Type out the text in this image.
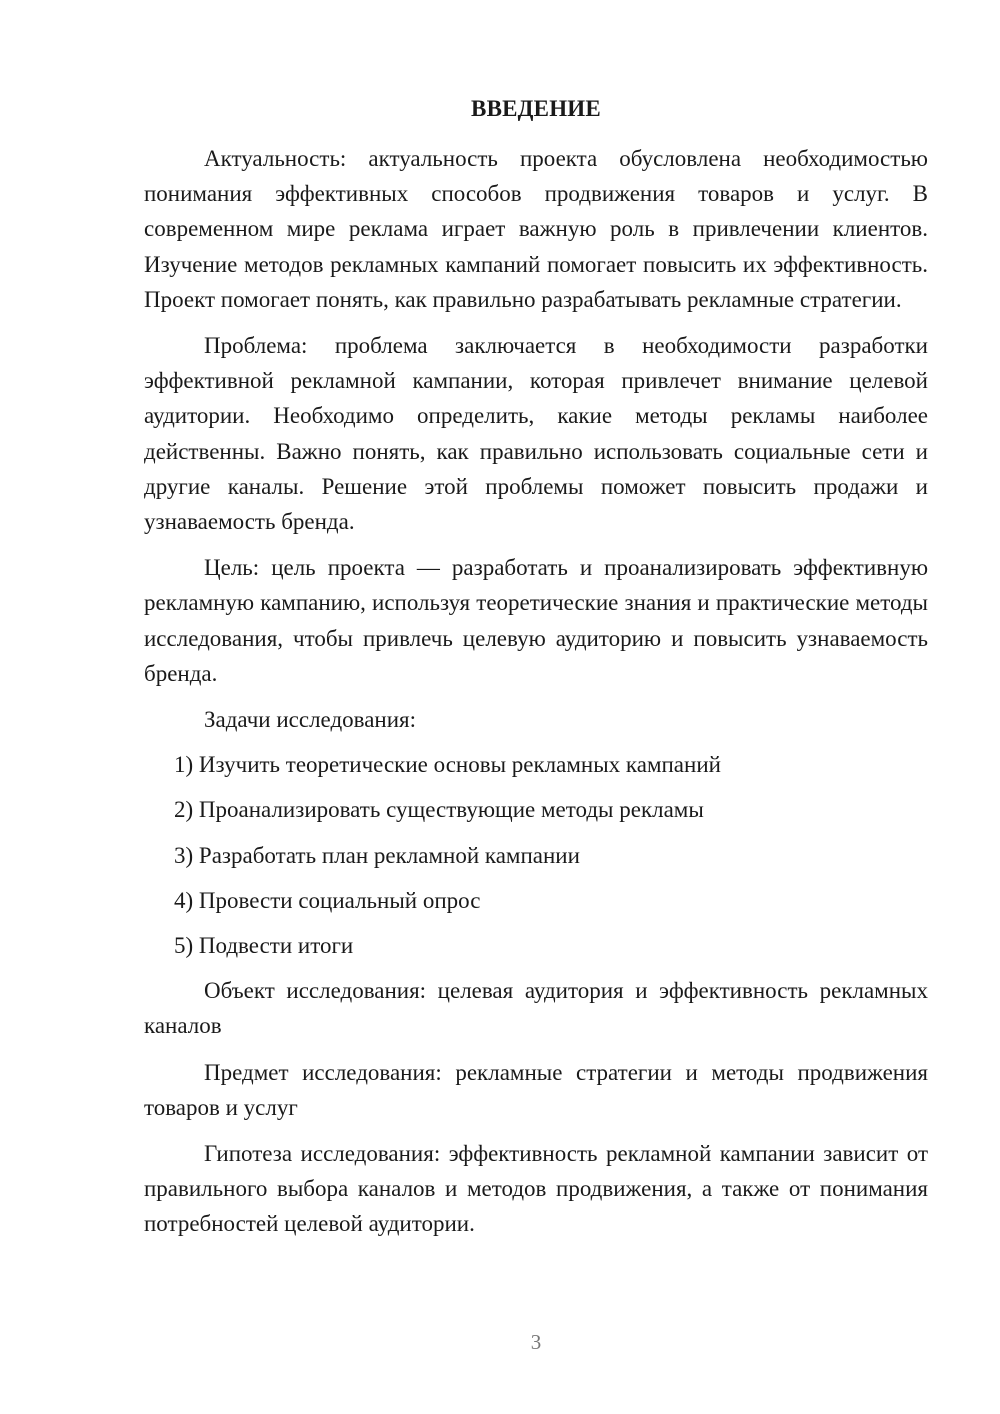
ВВЕДЕНИЕ

Актуальность: актуальность проекта обусловлена необходимостью понимания эффективных способов продвижения товаров и услуг. В современном мире реклама играет важную роль в привлечении клиентов. Изучение методов рекламных кампаний помогает повысить их эффективность. Проект помогает понять, как правильно разрабатывать рекламные стратегии.

Проблема: проблема заключается в необходимости разработки эффективной рекламной кампании, которая привлечет внимание целевой аудитории. Необходимо определить, какие методы рекламы наиболее действенны. Важно понять, как правильно использовать социальные сети и другие каналы. Решение этой проблемы поможет повысить продажи и узнаваемость бренда.

Цель: цель проекта — разработать и проанализировать эффективную рекламную кампанию, используя теоретические знания и практические методы исследования, чтобы привлечь целевую аудиторию и повысить узнаваемость бренда.

Задачи исследования:

1) Изучить теоретические основы рекламных кампаний
2) Проанализировать существующие методы рекламы
3) Разработать план рекламной кампании
4) Провести социальный опрос
5) Подвести итоги

Объект исследования: целевая аудитория и эффективность рекламных каналов

Предмет исследования: рекламные стратегии и методы продвижения товаров и услуг

Гипотеза исследования: эффективность рекламной кампании зависит от правильного выбора каналов и методов продвижения, а также от понимания потребностей целевой аудитории.

3
